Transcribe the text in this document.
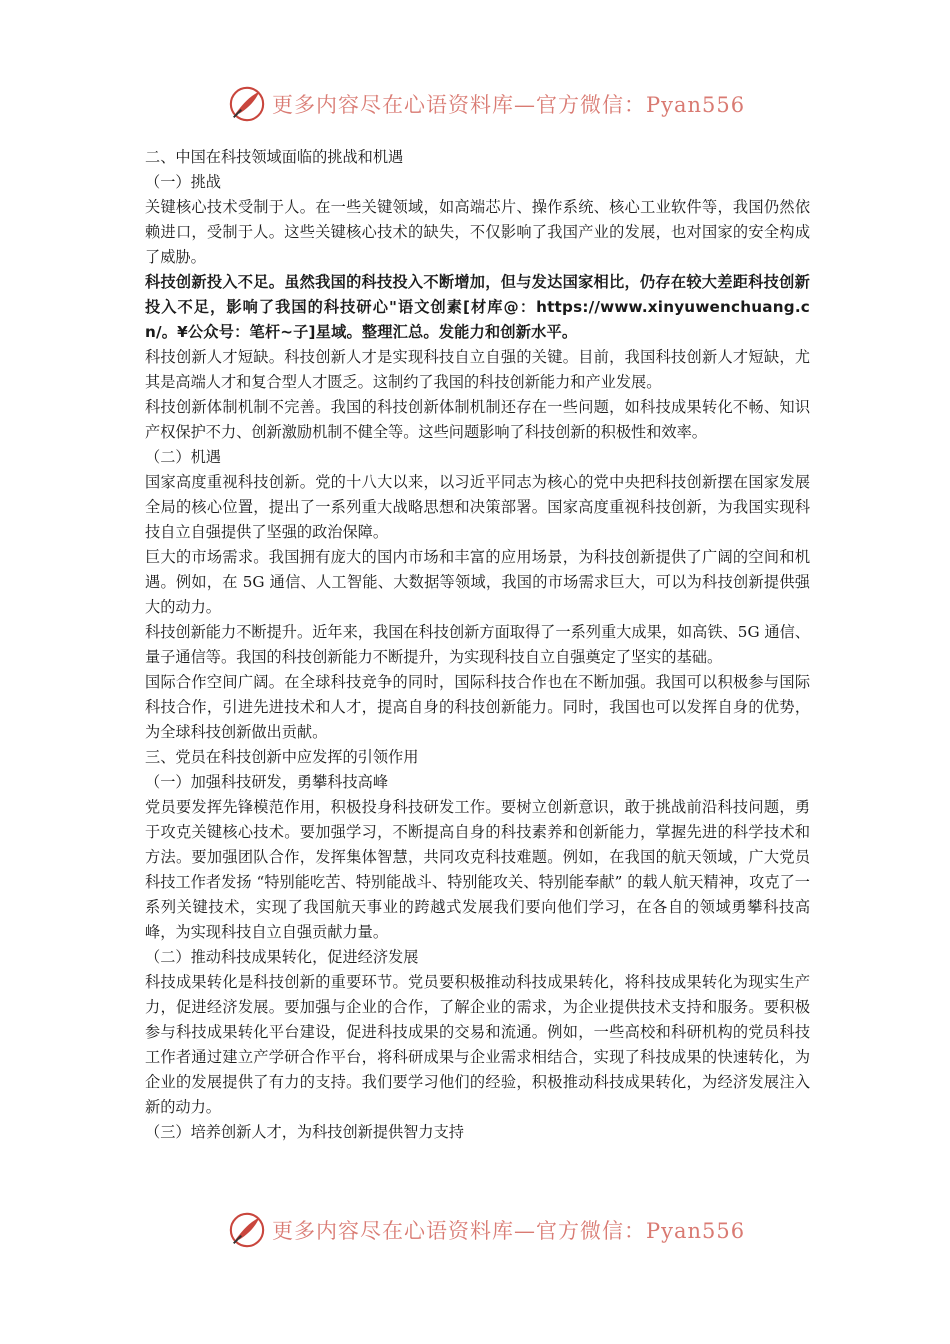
更多内容尽在心语资料库—官方微信：Pyan556

二、中国在科技领域面临的挑战和机遇

（一）挑战

关键核心技术受制于人。在一些关键领域，如高端芯片、操作系统、核心工业软件等，我国仍然依赖进口，受制于人。这些关键核心技术的缺失，不仅影响了我国产业的发展，也对国家的安全构成了威胁。

科技创新投入不足。虽然我国的科技投入不断增加，但与发达国家相比，仍存在较大差距科技创新投入不足，影响了我国的科技研心"语文创素[材库@：https://www.xinyuwenchuang.cn/。¥公众号：笔杆~子]星域。整理汇总。发能力和创新水平。

科技创新人才短缺。科技创新人才是实现科技自立自强的关键。目前，我国科技创新人才短缺，尤其是高端人才和复合型人才匮乏。这制约了我国的科技创新能力和产业发展。

科技创新体制机制不完善。我国的科技创新体制机制还存在一些问题，如科技成果转化不畅、知识产权保护不力、创新激励机制不健全等。这些问题影响了科技创新的积极性和效率。

（二）机遇

国家高度重视科技创新。党的十八大以来，以习近平同志为核心的党中央把科技创新摆在国家发展全局的核心位置，提出了一系列重大战略思想和决策部署。国家高度重视科技创新，为我国实现科技自立自强提供了坚强的政治保障。

巨大的市场需求。我国拥有庞大的国内市场和丰富的应用场景，为科技创新提供了广阔的空间和机遇。例如，在 5G 通信、人工智能、大数据等领域，我国的市场需求巨大，可以为科技创新提供强大的动力。

科技创新能力不断提升。近年来，我国在科技创新方面取得了一系列重大成果，如高铁、5G 通信、量子通信等。我国的科技创新能力不断提升，为实现科技自立自强奠定了坚实的基础。

国际合作空间广阔。在全球科技竞争的同时，国际科技合作也在不断加强。我国可以积极参与国际科技合作，引进先进技术和人才，提高自身的科技创新能力。同时，我国也可以发挥自身的优势，为全球科技创新做出贡献。

三、党员在科技创新中应发挥的引领作用

（一）加强科技研发，勇攀科技高峰

党员要发挥先锋模范作用，积极投身科技研发工作。要树立创新意识，敢于挑战前沿科技问题，勇于攻克关键核心技术。要加强学习，不断提高自身的科技素养和创新能力，掌握先进的科学技术和方法。要加强团队合作，发挥集体智慧，共同攻克科技难题。例如，在我国的航天领域，广大党员科技工作者发扬 “特别能吃苦、特别能战斗、特别能攻关、特别能奉献” 的载人航天精神，攻克了一系列关键技术，实现了我国航天事业的跨越式发展我们要向他们学习，在各自的领域勇攀科技高峰，为实现科技自立自强贡献力量。

（二）推动科技成果转化，促进经济发展

科技成果转化是科技创新的重要环节。党员要积极推动科技成果转化，将科技成果转化为现实生产力，促进经济发展。要加强与企业的合作，了解企业的需求，为企业提供技术支持和服务。要积极参与科技成果转化平台建设，促进科技成果的交易和流通。例如，一些高校和科研机构的党员科技工作者通过建立产学研合作平台，将科研成果与企业需求相结合，实现了科技成果的快速转化，为企业的发展提供了有力的支持。我们要学习他们的经验，积极推动科技成果转化，为经济发展注入新的动力。

（三）培养创新人才，为科技创新提供智力支持

更多内容尽在心语资料库—官方微信：Pyan556
